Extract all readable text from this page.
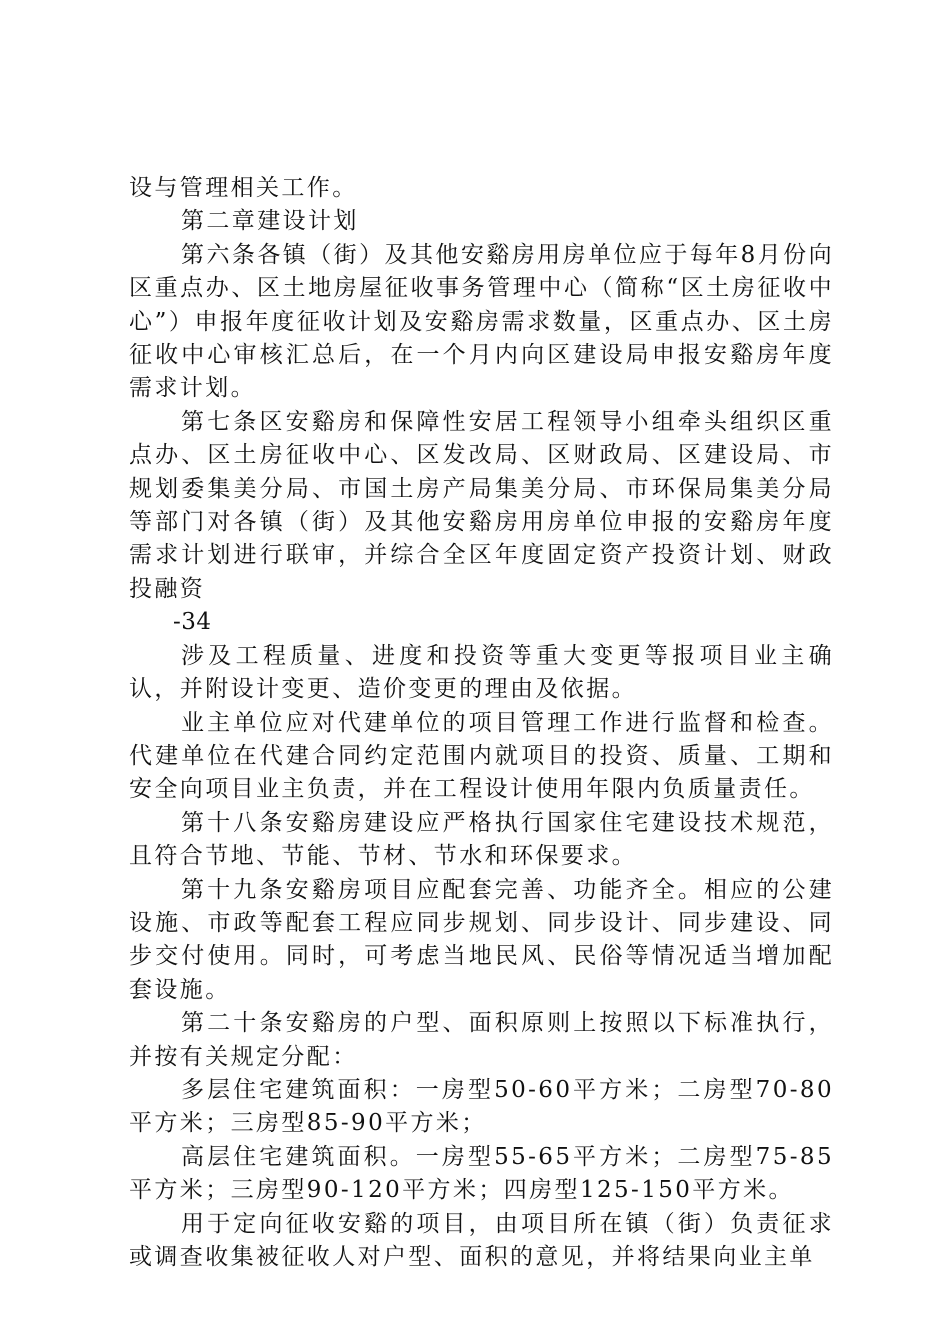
设与管理相关工作。

第二章建设计划

第六条各镇（街）及其他安谿房用房单位应于每年8月份向区重点办、区土地房屋征收事务管理中心（简称“区土房征收中心”）申报年度征收计划及安谿房需求数量，区重点办、区土房征收中心审核汇总后，在一个月内向区建设局申报安谿房年度需求计划。

第七条区安谿房和保障性安居工程领导小组牵头组织区重点办、区土房征收中心、区发改局、区财政局、区建设局、市规划委集美分局、市国土房产局集美分局、市环保局集美分局等部门对各镇（街）及其他安谿房用房单位申报的安谿房年度需求计划进行联审，并综合全区年度固定资产投资计划、财政投融资

-34

涉及工程质量、进度和投资等重大变更等报项目业主确认，并附设计变更、造价变更的理由及依据。

业主单位应对代建单位的项目管理工作进行监督和检查。代建单位在代建合同约定范围内就项目的投资、质量、工期和安全向项目业主负责，并在工程设计使用年限内负质量责任。

第十八条安谿房建设应严格执行国家住宅建设技术规范，且符合节地、节能、节材、节水和环保要求。

第十九条安谿房项目应配套完善、功能齐全。相应的公建设施、市政等配套工程应同步规划、同步设计、同步建设、同步交付使用。同时，可考虑当地民风、民俗等情况适当增加配套设施。

第二十条安谿房的户型、面积原则上按照以下标准执行，并按有关规定分配：

多层住宅建筑面积：一房型50-60平方米；二房型70-80平方米；三房型85-90平方米；

高层住宅建筑面积。一房型55-65平方米；二房型75-85平方米；三房型90-120平方米；四房型125-150平方米。

用于定向征收安谿的项目，由项目所在镇（街）负责征求或调查收集被征收人对户型、面积的意见，并将结果向业主单
